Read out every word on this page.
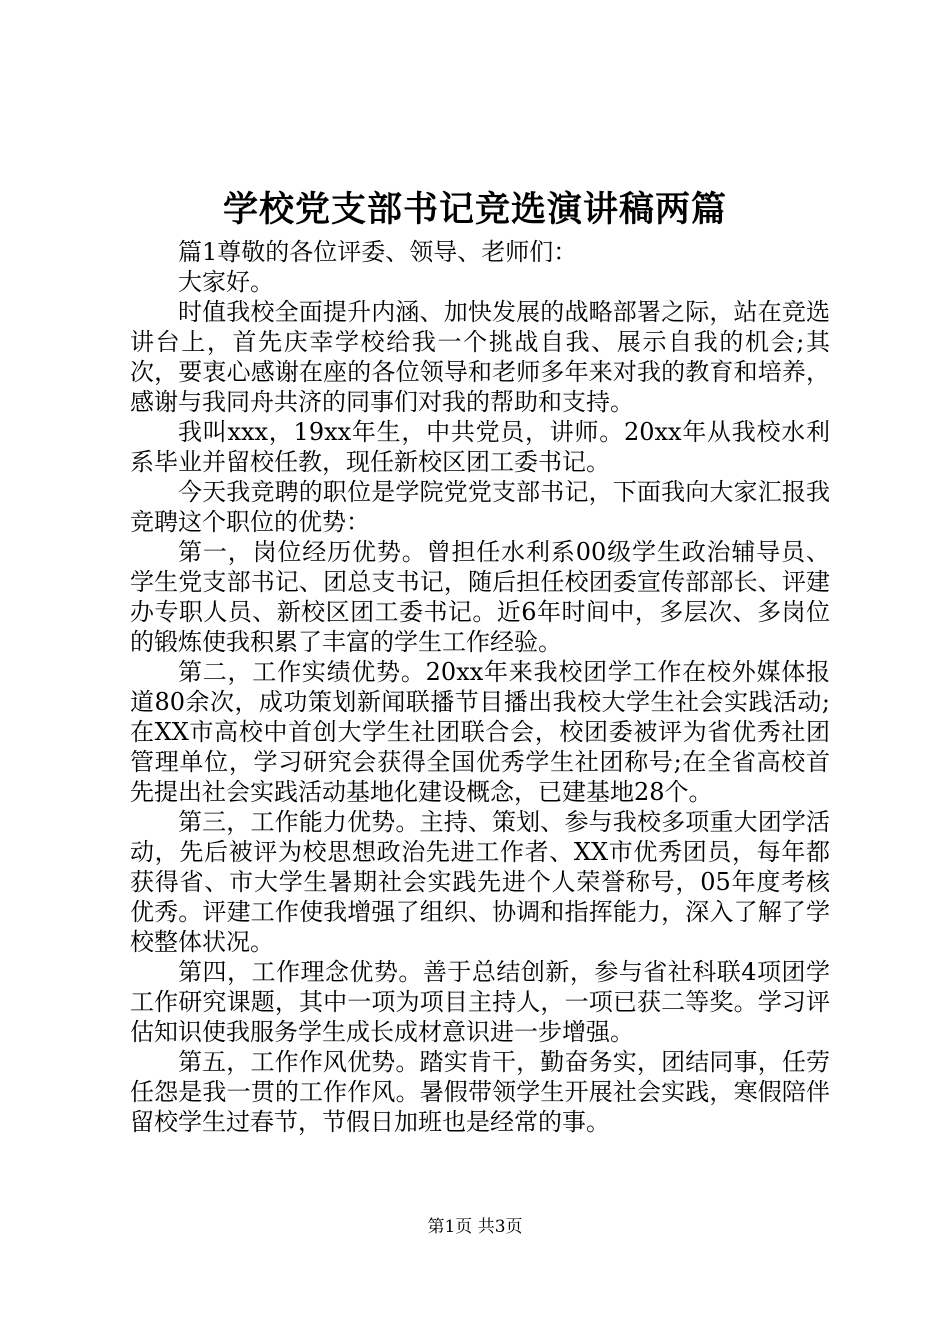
学校党支部书记竞选演讲稿两篇

篇1尊敬的各位评委、领导、老师们：

大家好。

时值我校全面提升内涵、加快发展的战略部署之际，站在竞选讲台上，首先庆幸学校给我一个挑战自我、展示自我的机会;其次，要衷心感谢在座的各位领导和老师多年来对我的教育和培养，感谢与我同舟共济的同事们对我的帮助和支持。

我叫xxx，19xx年生，中共党员，讲师。20xx年从我校水利系毕业并留校任教，现任新校区团工委书记。

今天我竞聘的职位是学院党党支部书记，下面我向大家汇报我竞聘这个职位的优势：

第一，岗位经历优势。曾担任水利系00级学生政治辅导员、学生党支部书记、团总支书记，随后担任校团委宣传部部长、评建办专职人员、新校区团工委书记。近6年时间中，多层次、多岗位的锻炼使我积累了丰富的学生工作经验。

第二，工作实绩优势。20xx年来我校团学工作在校外媒体报道80余次，成功策划新闻联播节目播出我校大学生社会实践活动;在XX市高校中首创大学生社团联合会，校团委被评为省优秀社团管理单位，学习研究会获得全国优秀学生社团称号;在全省高校首先提出社会实践活动基地化建设概念，已建基地28个。

第三，工作能力优势。主持、策划、参与我校多项重大团学活动，先后被评为校思想政治先进工作者、XX市优秀团员，每年都获得省、市大学生暑期社会实践先进个人荣誉称号，05年度考核优秀。评建工作使我增强了组织、协调和指挥能力，深入了解了学校整体状况。

第四，工作理念优势。善于总结创新，参与省社科联4项团学工作研究课题，其中一项为项目主持人，一项已获二等奖。学习评估知识使我服务学生成长成材意识进一步增强。

第五，工作作风优势。踏实肯干，勤奋务实，团结同事，任劳任怨是我一贯的工作作风。暑假带领学生开展社会实践，寒假陪伴留校学生过春节，节假日加班也是经常的事。

第1页 共3页
